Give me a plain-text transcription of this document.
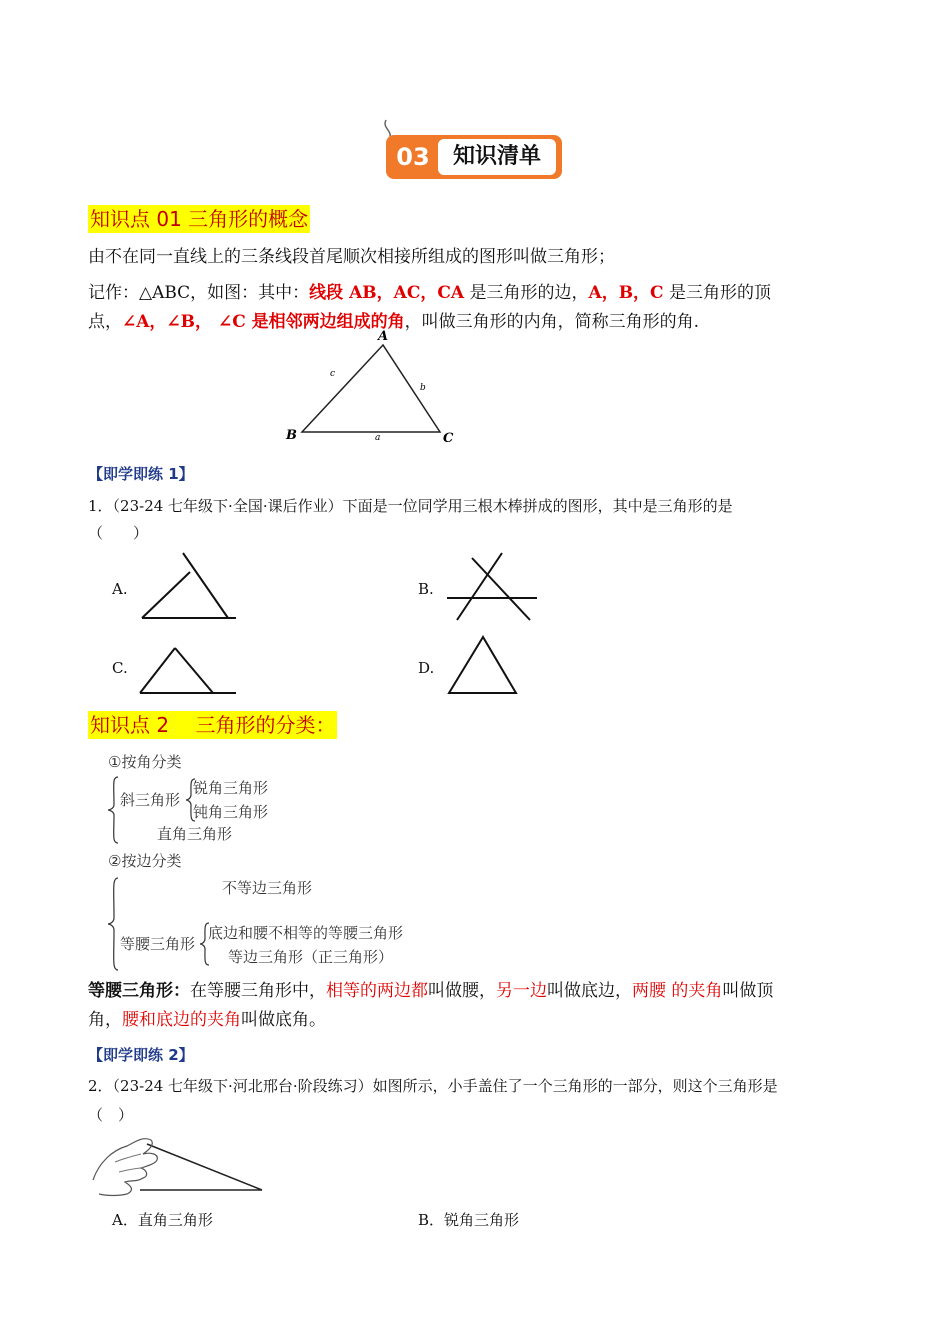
03	知识清单
知识点 01 三角形的概念
由不在同一直线上的三条线段首尾顺次相接所组成的图形叫做三角形；
记作：△ABC，如图：其中：线段 AB，AC，CA 是三角形的边，A，B，C 是三角形的顶
点，∠A，∠B， ∠C 是相邻两边组成的角，叫做三角形的内角，简称三角形的角.
A
B	C
a
b
c
【即学即练 1】
1．（23-24 七年级下·全国·课后作业）下面是一位同学用三根木棒拼成的图形，其中是三角形的是
（　　）
A.	B.
C.	D.
知识点 2　 三角形的分类：
①按角分类
斜三角形
锐角三角形
钝角三角形
直角三角形
②按边分类
不等边三角形
等腰三角形
底边和腰不相等的等腰三角形
等边三角形（正三角形）
等腰三角形：在等腰三角形中，相等的两边都叫做腰，另一边叫做底边，两腰 的夹角叫做顶
角，腰和底边的夹角叫做底角。
【即学即练 2】
2．（23-24 七年级下·河北邢台·阶段练习）如图所示，小手盖住了一个三角形的一部分，则这个三角形是
（　）
A．直角三角形	B．锐角三角形
